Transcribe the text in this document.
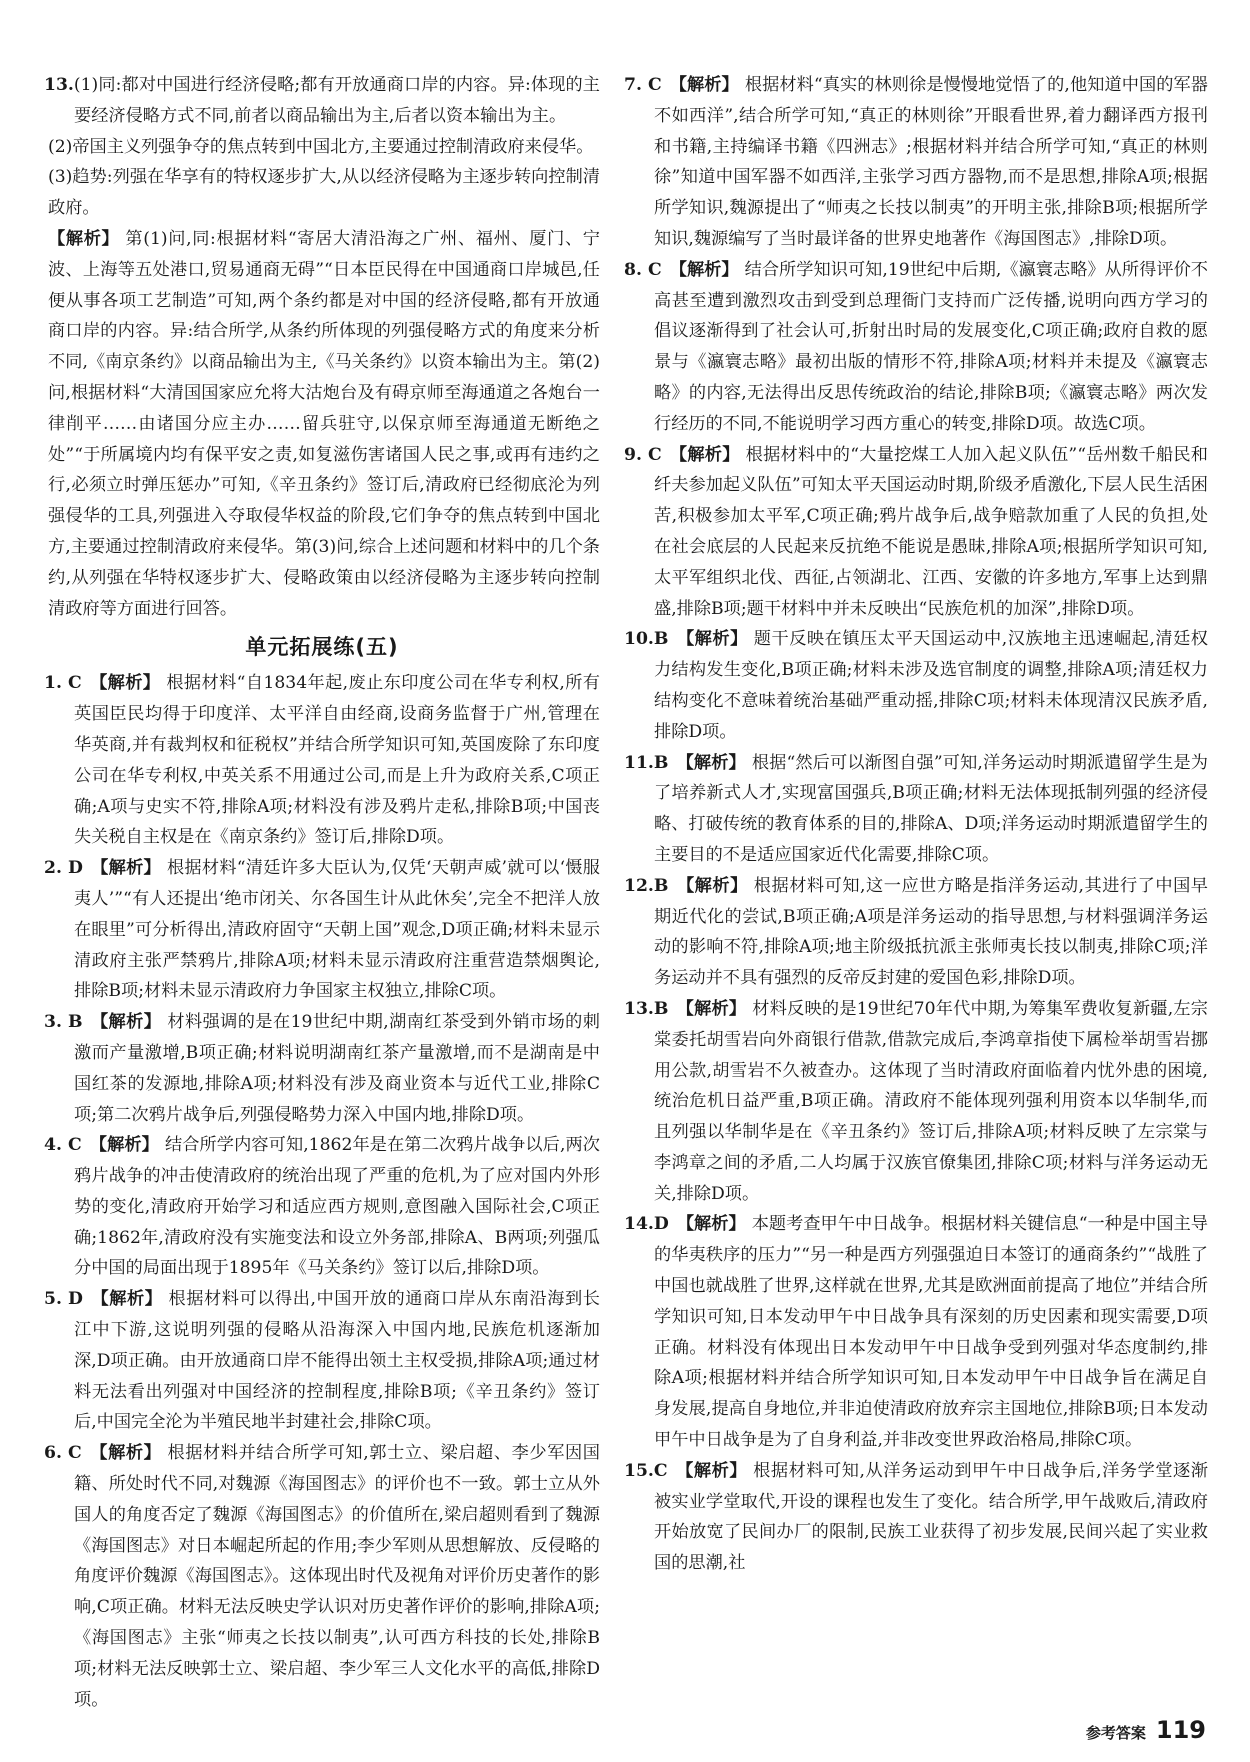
13.(1)同:都对中国进行经济侵略;都有开放通商口岸的内容。异:体现的主要经济侵略方式不同,前者以商品输出为主,后者以资本输出为主。

(2)帝国主义列强争夺的焦点转到中国北方,主要通过控制清政府来侵华。

(3)趋势:列强在华享有的特权逐步扩大,从以经济侵略为主逐步转向控制清政府。

【解析】 第(1)问,同:根据材料“寄居大清沿海之广州、福州、厦门、宁波、上海等五处港口,贸易通商无碍”“日本臣民得在中国通商口岸城邑,任便从事各项工艺制造”可知,两个条约都是对中国的经济侵略,都有开放通商口岸的内容。异:结合所学,从条约所体现的列强侵略方式的角度来分析不同,《南京条约》以商品输出为主,《马关条约》以资本输出为主。第(2)问,根据材料“大清国国家应允将大沽炮台及有碍京师至海通道之各炮台一律削平……由诸国分应主办……留兵驻守,以保京师至海通道无断绝之处”“于所属境内均有保平安之责,如复滋伤害诸国人民之事,或再有违约之行,必须立时弹压惩办”可知,《辛丑条约》签订后,清政府已经彻底沦为列强侵华的工具,列强进入夺取侵华权益的阶段,它们争夺的焦点转到中国北方,主要通过控制清政府来侵华。第(3)问,综合上述问题和材料中的几个条约,从列强在华特权逐步扩大、侵略政策由以经济侵略为主逐步转向控制清政府等方面进行回答。

单元拓展练(五)

1. C 【解析】 根据材料“自1834年起,废止东印度公司在华专利权,所有英国臣民均得于印度洋、太平洋自由经商,设商务监督于广州,管理在华英商,并有裁判权和征税权”并结合所学知识可知,英国废除了东印度公司在华专利权,中英关系不用通过公司,而是上升为政府关系,C项正确;A项与史实不符,排除A项;材料没有涉及鸦片走私,排除B项;中国丧失关税自主权是在《南京条约》签订后,排除D项。

2. D 【解析】 根据材料“清廷许多大臣认为,仅凭‘天朝声威’就可以‘慑服夷人’”“有人还提出‘绝市闭关、尔各国生计从此休矣’,完全不把洋人放在眼里”可分析得出,清政府固守“天朝上国”观念,D项正确;材料未显示清政府主张严禁鸦片,排除A项;材料未显示清政府注重营造禁烟舆论,排除B项;材料未显示清政府力争国家主权独立,排除C项。

3. B 【解析】 材料强调的是在19世纪中期,湖南红茶受到外销市场的刺激而产量激增,B项正确;材料说明湖南红茶产量激增,而不是湖南是中国红茶的发源地,排除A项;材料没有涉及商业资本与近代工业,排除C项;第二次鸦片战争后,列强侵略势力深入中国内地,排除D项。

4. C 【解析】 结合所学内容可知,1862年是在第二次鸦片战争以后,两次鸦片战争的冲击使清政府的统治出现了严重的危机,为了应对国内外形势的变化,清政府开始学习和适应西方规则,意图融入国际社会,C项正确;1862年,清政府没有实施变法和设立外务部,排除A、B两项;列强瓜分中国的局面出现于1895年《马关条约》签订以后,排除D项。

5. D 【解析】 根据材料可以得出,中国开放的通商口岸从东南沿海到长江中下游,这说明列强的侵略从沿海深入中国内地,民族危机逐渐加深,D项正确。由开放通商口岸不能得出领土主权受损,排除A项;通过材料无法看出列强对中国经济的控制程度,排除B项;《辛丑条约》签订后,中国完全沦为半殖民地半封建社会,排除C项。

6. C 【解析】 根据材料并结合所学可知,郭士立、梁启超、李少军因国籍、所处时代不同,对魏源《海国图志》的评价也不一致。郭士立从外国人的角度否定了魏源《海国图志》的价值所在,梁启超则看到了魏源《海国图志》对日本崛起所起的作用;李少军则从思想解放、反侵略的角度评价魏源《海国图志》。这体现出时代及视角对评价历史著作的影响,C项正确。材料无法反映史学认识对历史著作评价的影响,排除A项;《海国图志》主张“师夷之长技以制夷”,认可西方科技的长处,排除B项;材料无法反映郭士立、梁启超、李少军三人文化水平的高低,排除D项。

7. C 【解析】 根据材料“真实的林则徐是慢慢地觉悟了的,他知道中国的军器不如西洋”,结合所学可知,“真正的林则徐”开眼看世界,着力翻译西方报刊和书籍,主持编译书籍《四洲志》;根据材料并结合所学可知,“真正的林则徐”知道中国军器不如西洋,主张学习西方器物,而不是思想,排除A项;根据所学知识,魏源提出了“师夷之长技以制夷”的开明主张,排除B项;根据所学知识,魏源编写了当时最详备的世界史地著作《海国图志》,排除D项。

8. C 【解析】 结合所学知识可知,19世纪中后期,《瀛寰志略》从所得评价不高甚至遭到激烈攻击到受到总理衙门支持而广泛传播,说明向西方学习的倡议逐渐得到了社会认可,折射出时局的发展变化,C项正确;政府自救的愿景与《瀛寰志略》最初出版的情形不符,排除A项;材料并未提及《瀛寰志略》的内容,无法得出反思传统政治的结论,排除B项;《瀛寰志略》两次发行经历的不同,不能说明学习西方重心的转变,排除D项。故选C项。

9. C 【解析】 根据材料中的“大量挖煤工人加入起义队伍”“岳州数千船民和纤夫参加起义队伍”可知太平天国运动时期,阶级矛盾激化,下层人民生活困苦,积极参加太平军,C项正确;鸦片战争后,战争赔款加重了人民的负担,处在社会底层的人民起来反抗绝不能说是愚昧,排除A项;根据所学知识可知,太平军组织北伐、西征,占领湖北、江西、安徽的许多地方,军事上达到鼎盛,排除B项;题干材料中并未反映出“民族危机的加深”,排除D项。

10.B 【解析】 题干反映在镇压太平天国运动中,汉族地主迅速崛起,清廷权力结构发生变化,B项正确;材料未涉及选官制度的调整,排除A项;清廷权力结构变化不意味着统治基础严重动摇,排除C项;材料未体现清汉民族矛盾,排除D项。

11.B 【解析】 根据“然后可以渐图自强”可知,洋务运动时期派遣留学生是为了培养新式人才,实现富国强兵,B项正确;材料无法体现抵制列强的经济侵略、打破传统的教育体系的目的,排除A、D项;洋务运动时期派遣留学生的主要目的不是适应国家近代化需要,排除C项。

12.B 【解析】 根据材料可知,这一应世方略是指洋务运动,其进行了中国早期近代化的尝试,B项正确;A项是洋务运动的指导思想,与材料强调洋务运动的影响不符,排除A项;地主阶级抵抗派主张师夷长技以制夷,排除C项;洋务运动并不具有强烈的反帝反封建的爱国色彩,排除D项。

13.B 【解析】 材料反映的是19世纪70年代中期,为筹集军费收复新疆,左宗棠委托胡雪岩向外商银行借款,借款完成后,李鸿章指使下属检举胡雪岩挪用公款,胡雪岩不久被查办。这体现了当时清政府面临着内忧外患的困境,统治危机日益严重,B项正确。清政府不能体现列强利用资本以华制华,而且列强以华制华是在《辛丑条约》签订后,排除A项;材料反映了左宗棠与李鸿章之间的矛盾,二人均属于汉族官僚集团,排除C项;材料与洋务运动无关,排除D项。

14.D 【解析】 本题考查甲午中日战争。根据材料关键信息“一种是中国主导的华夷秩序的压力”“另一种是西方列强强迫日本签订的通商条约”“战胜了中国也就战胜了世界,这样就在世界,尤其是欧洲面前提高了地位”并结合所学知识可知,日本发动甲午中日战争具有深刻的历史因素和现实需要,D项正确。材料没有体现出日本发动甲午中日战争受到列强对华态度制约,排除A项;根据材料并结合所学知识可知,日本发动甲午中日战争旨在满足自身发展,提高自身地位,并非迫使清政府放弃宗主国地位,排除B项;日本发动甲午中日战争是为了自身利益,并非改变世界政治格局,排除C项。

15.C 【解析】 根据材料可知,从洋务运动到甲午中日战争后,洋务学堂逐渐被实业学堂取代,开设的课程也发生了变化。结合所学,甲午战败后,清政府开始放宽了民间办厂的限制,民族工业获得了初步发展,民间兴起了实业救国的思潮,社

参考答案 119
